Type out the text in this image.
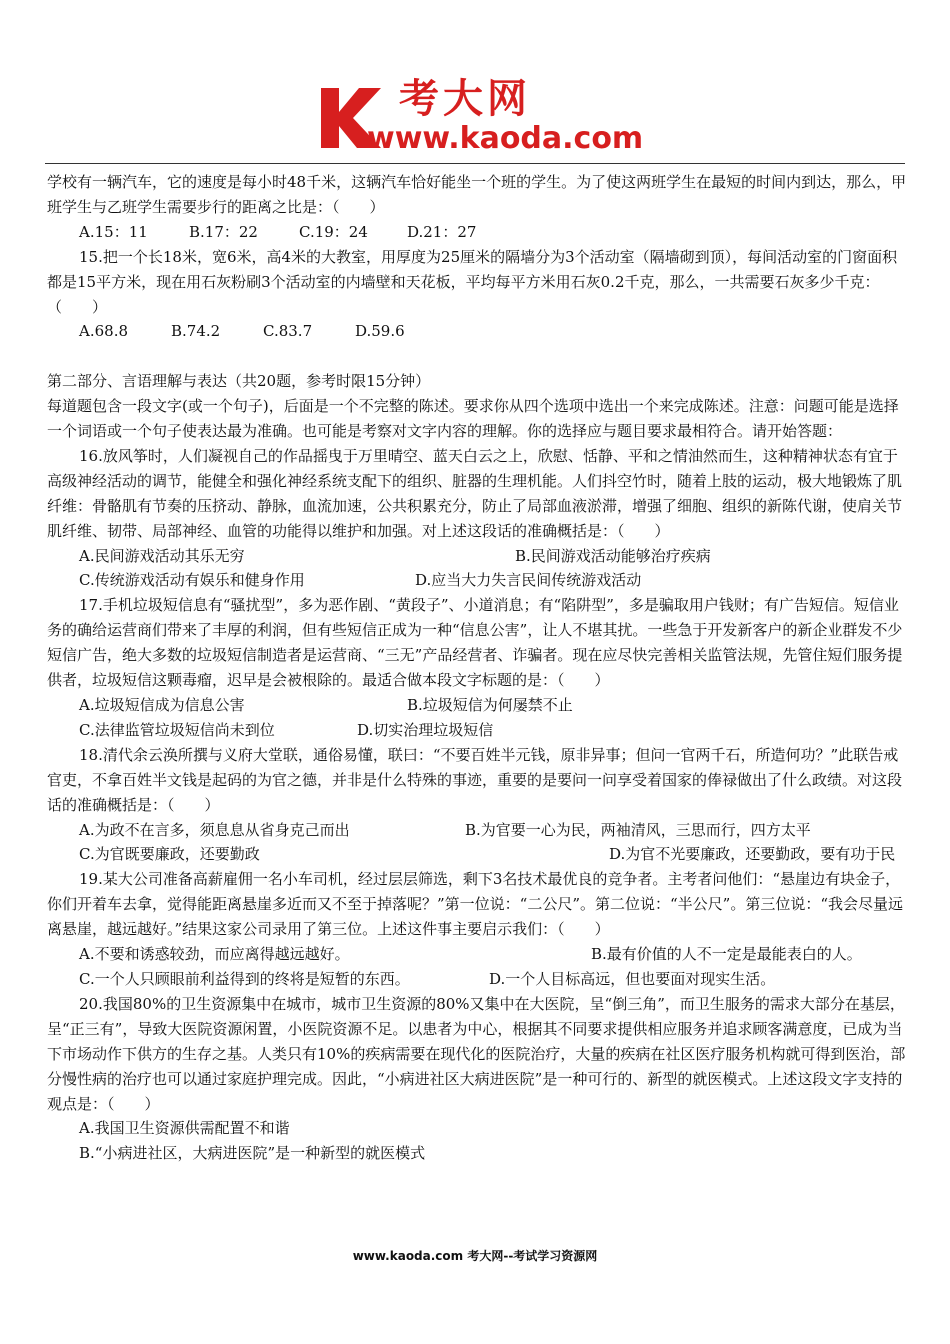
考大网
www.kaoda.com

学校有一辆汽车，它的速度是每小时48千米，这辆汽车恰好能坐一个班的学生。为了使这两班学生在最短的时间内到达，那么，甲班学生与乙班学生需要步行的距离之比是：（　　）

A.15：11	B.17：22	C.19：24	D.21：27

15.把一个长18米，宽6米，高4米的大教室，用厚度为25厘米的隔墙分为3个活动室（隔墙砌到顶），每间活动室的门窗面积都是15平方米，现在用石灰粉刷3个活动室的内墙壁和天花板，平均每平方米用石灰0.2千克，那么，一共需要石灰多少千克：（　　）

A.68.8	B.74.2	C.83.7	D.59.6

第二部分、言语理解与表达（共20题，参考时限15分钟）

每道题包含一段文字(或一个句子)，后面是一个不完整的陈述。要求你从四个选项中选出一个来完成陈述。注意：问题可能是选择一个词语或一个句子使表达最为准确。也可能是考察对文字内容的理解。你的选择应与题目要求最相符合。请开始答题：

16.放风筝时，人们凝视自己的作品摇曳于万里晴空、蓝天白云之上，欣慰、恬静、平和之情油然而生，这种精神状态有宜于高级神经活动的调节，能健全和强化神经系统支配下的组织、脏器的生理机能。人们抖空竹时，随着上肢的运动，极大地锻炼了肌纤维：骨骼肌有节奏的压挤动、静脉，血流加速，公共积累充分，防止了局部血液淤滞，增强了细胞、组织的新陈代谢，使肩关节肌纤维、韧带、局部神经、血管的功能得以维护和加强。对上述这段话的准确概括是：（　　）

A.民间游戏活动其乐无穷	B.民间游戏活动能够治疗疾病

C.传统游戏活动有娱乐和健身作用	D.应当大力失言民间传统游戏活动

17.手机垃圾短信息有“骚扰型”，多为恶作剧、“黄段子”、小道消息；有“陷阱型”，多是骗取用户钱财；有广告短信。短信业务的确给运营商们带来了丰厚的利润，但有些短信正成为一种“信息公害”，让人不堪其扰。一些急于开发新客户的新企业群发不少短信广告，绝大多数的垃圾短信制造者是运营商、“三无”产品经营者、诈骗者。现在应尽快完善相关监管法规，先管住短们服务提供者，垃圾短信这颗毒瘤，迟早是会被根除的。最适合做本段文字标题的是：（　　）

A.垃圾短信成为信息公害	B.垃圾短信为何屡禁不止

C.法律监管垃圾短信尚未到位	D.切实治理垃圾短信

18.清代余云涣所撰与义府大堂联，通俗易懂，联曰：“不要百姓半元钱，原非异事；但问一官两千石，所造何功？”此联告戒官吏，不拿百姓半文钱是起码的为官之德，并非是什么特殊的事迹，重要的是要问一问享受着国家的俸禄做出了什么政绩。对这段话的准确概括是：（　　）

A.为政不在言多，须息息从省身克己而出	B.为官要一心为民，两袖清风，三思而行，四方太平

C.为官既要廉政，还要勤政	D.为官不光要廉政，还要勤政，要有功于民

19.某大公司准备高薪雇佣一名小车司机，经过层层筛选，剩下3名技术最优良的竞争者。主考者问他们：“悬崖边有块金子，你们开着车去拿，觉得能距离悬崖多近而又不至于掉落呢？”第一位说：“二公尺”。第二位说：“半公尺”。第三位说：“我会尽量远离悬崖，越远越好。”结果这家公司录用了第三位。上述这件事主要启示我们：（　　）

A.不要和诱惑较劲，而应离得越远越好。	B.最有价值的人不一定是最能表白的人。

C.一个人只顾眼前利益得到的终将是短暂的东西。	D.一个人目标高远，但也要面对现实生活。

20.我国80%的卫生资源集中在城市，城市卫生资源的80%又集中在大医院，呈“倒三角”，而卫生服务的需求大部分在基层，呈“正三有”，导致大医院资源闲置，小医院资源不足。以患者为中心，根据其不同要求提供相应服务并追求顾客满意度，已成为当下市场动作下供方的生存之基。人类只有10%的疾病需要在现代化的医院治疗，大量的疾病在社区医疗服务机构就可得到医治，部分慢性病的治疗也可以通过家庭护理完成。因此，“小病进社区大病进医院”是一种可行的、新型的就医模式。上述这段文字支持的观点是：（　　）

A.我国卫生资源供需配置不和谐

B.“小病进社区，大病进医院”是一种新型的就医模式

www.kaoda.com 考大网--考试学习资源网
